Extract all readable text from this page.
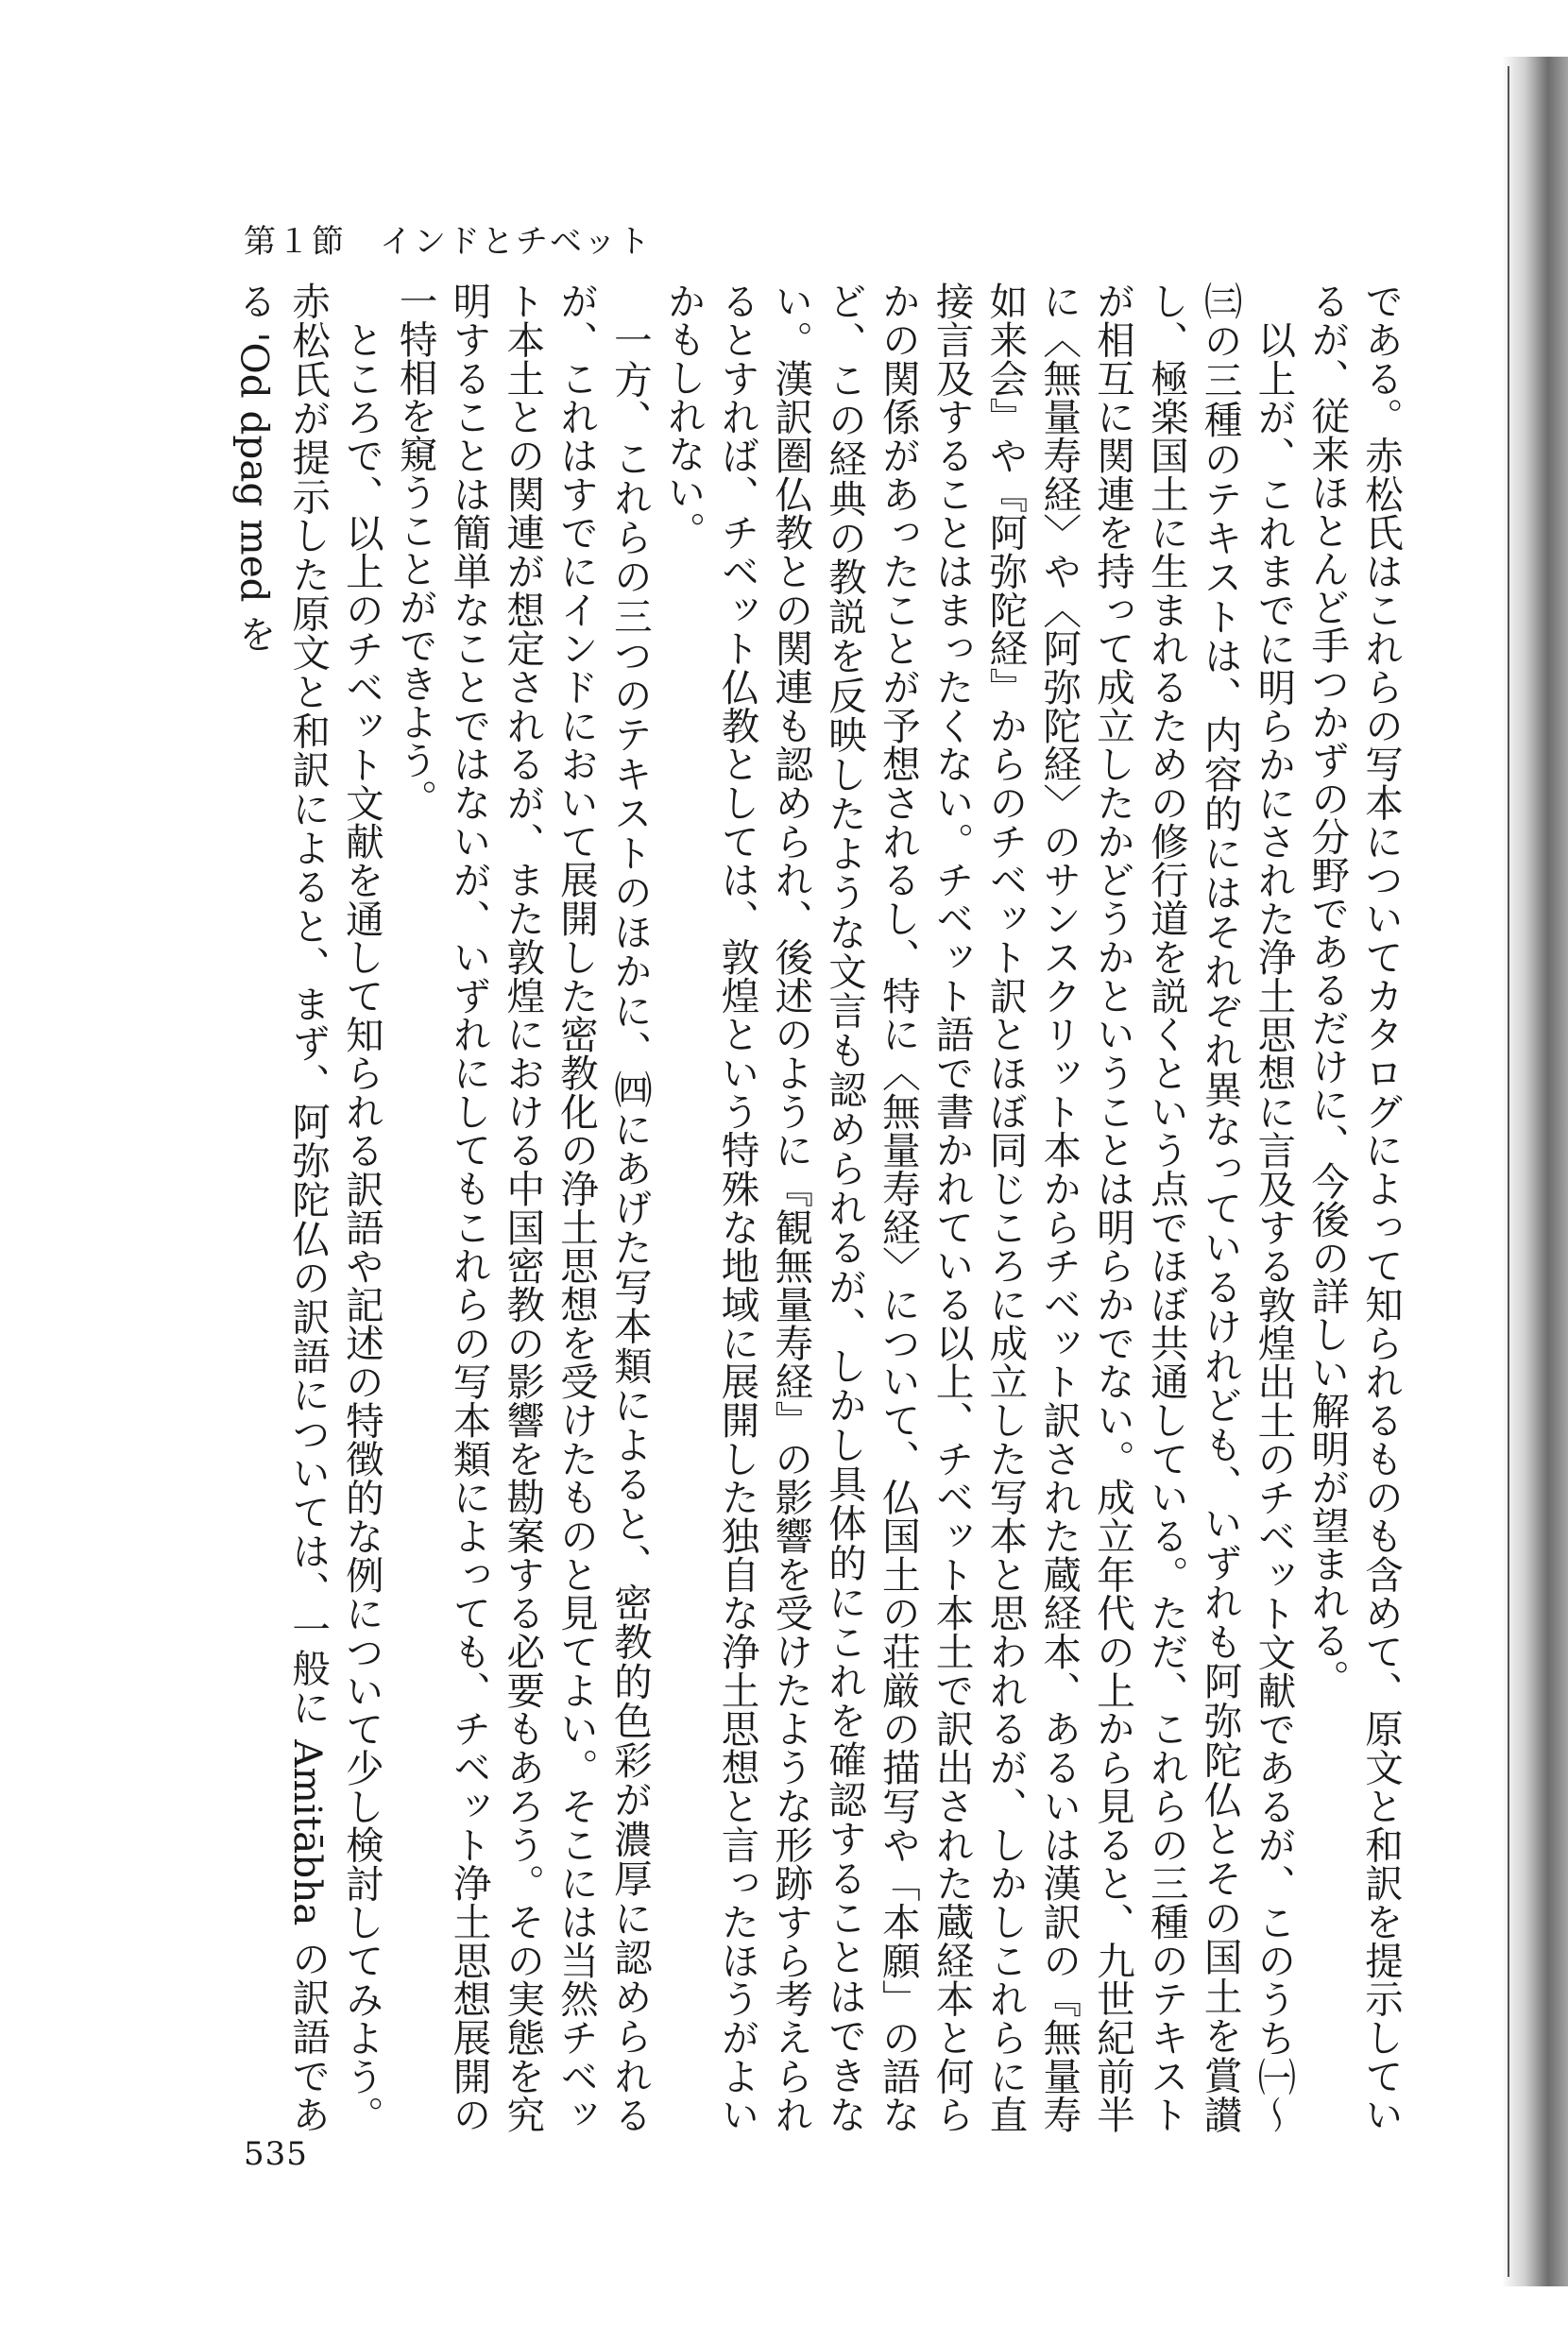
第１節　インドとチベット

である。赤松氏はこれらの写本についてカタログによって知られるものも含めて、原文と和訳を提示しているが、従来ほとんど手つかずの分野であるだけに、今後の詳しい解明が望まれる。

以上が、これまでに明らかにされた浄土思想に言及する敦煌出土のチベット文献であるが、このうち㈠～㈢の三種のテキストは、内容的にはそれぞれ異なっているけれども、いずれも阿弥陀仏とその国土を賞讃し、極楽国土に生まれるための修行道を説くという点でほぼ共通している。ただ、これらの三種のテキストが相互に関連を持って成立したかどうかということは明らかでない。成立年代の上から見ると、九世紀前半に〈無量寿経〉や〈阿弥陀経〉のサンスクリット本からチベット訳された蔵経本、あるいは漢訳の『無量寿如来会』や『阿弥陀経』からのチベット訳とほぼ同じころに成立した写本と思われるが、しかしこれらに直接言及することはまったくない。チベット語で書かれている以上、チベット本土で訳出された蔵経本と何らかの関係があったことが予想されるし、特に〈無量寿経〉について、仏国土の荘厳の描写や「本願」の語など、この経典の教説を反映したような文言も認められるが、しかし具体的にこれを確認することはできない。漢訳圏仏教との関連も認められ、後述のように『観無量寿経』の影響を受けたような形跡すら考えられるとすれば、チベット仏教としては、敦煌という特殊な地域に展開した独自な浄土思想と言ったほうがよいかもしれない。

一方、これらの三つのテキストのほかに、㈣にあげた写本類によると、密教的色彩が濃厚に認められるが、これはすでにインドにおいて展開した密教化の浄土思想を受けたものと見てよい。そこには当然チベット本土との関連が想定されるが、また敦煌における中国密教の影響を勘案する必要もあろう。その実態を究明することは簡単なことではないが、いずれにしてもこれらの写本類によっても、チベット浄土思想展開の一特相を窺うことができよう。

ところで、以上のチベット文献を通して知られる訳語や記述の特徴的な例について少し検討してみよう。赤松氏が提示した原文と和訳によると、まず、阿弥陀仏の訳語については、一般に Amitābha の訳語である 'Od dpag med を

535
